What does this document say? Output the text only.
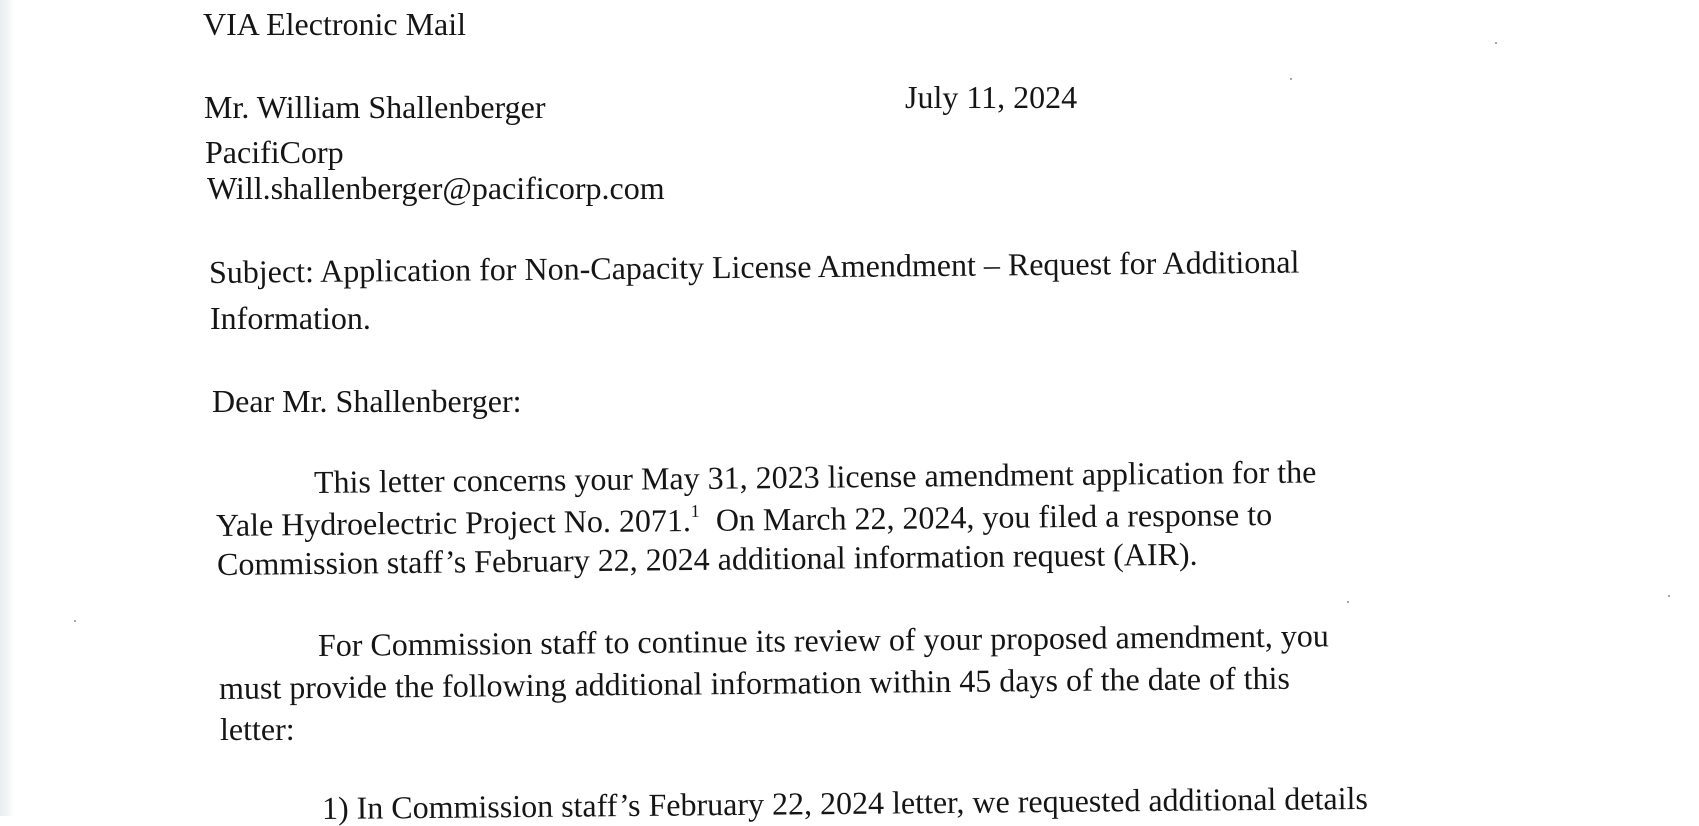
VIA Electronic Mail
Mr. William Shallenberger	July 11, 2024
PacifiCorp
Will.shallenberger@pacificorp.com
Subject: Application for Non-Capacity License Amendment – Request for Additional
Information.
Dear Mr. Shallenberger:
This letter concerns your May 31, 2023 license amendment application for the
Yale Hydroelectric Project No. 2071.$^1$  On March 22, 2024, you filed a response to
Commission staff’s February 22, 2024 additional information request (AIR).
For Commission staff to continue its review of your proposed amendment, you
must provide the following additional information within 45 days of the date of this
letter:
1) In Commission staff’s February 22, 2024 letter, we requested additional details
